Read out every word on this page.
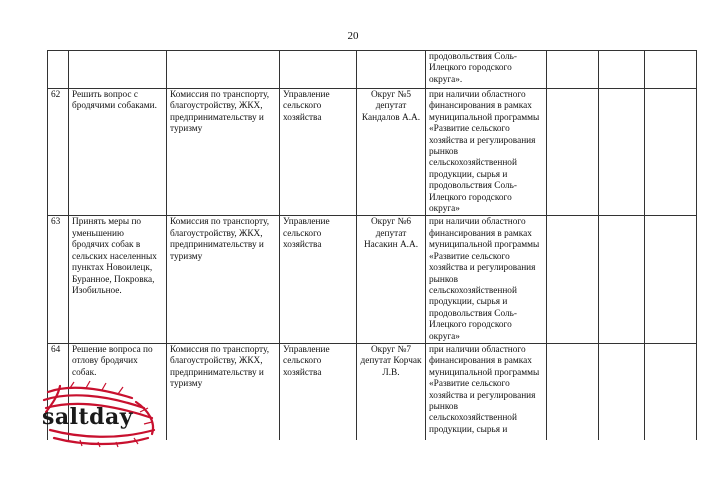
20
					продовольствия Соль-Илецкого городского округа».			
62	Решить вопрос с бродячими собаками.	Комиссия по транспорту, благоустройству, ЖКХ, предпринимательству и туризму	Управление сельского хозяйства	Округ №5 депутат Кандалов А.А.	при наличии областного финансирования в рамках муниципальной программы «Развитие сельского хозяйства и регулирования рынков сельскохозяйственной продукции, сырья и продовольствия Соль-Илецкого городского округа»			
63	Принять меры по уменьшению бродячих собак в сельских населенных пунктах Новоилецк, Буранное, Покровка, Изобильное.	Комиссия по транспорту, благоустройству, ЖКХ, предпринимательству и туризму	Управление сельского хозяйства	Округ №6 депутат Насакин А.А.	при наличии областного финансирования в рамках муниципальной программы «Развитие сельского хозяйства и регулирования рынков сельскохозяйственной продукции, сырья и продовольствия Соль-Илецкого городского округа»			
64	Решение вопроса по отлову бродячих собак.	Комиссия по транспорту, благоустройству, ЖКХ, предпринимательству и туризму	Управление сельского хозяйства	Округ №7 депутат Корчак Л.В.	при наличии областного финансирования в рамках муниципальной программы «Развитие сельского хозяйства и регулирования рынков сельскохозяйственной продукции, сырья и			
saltday
